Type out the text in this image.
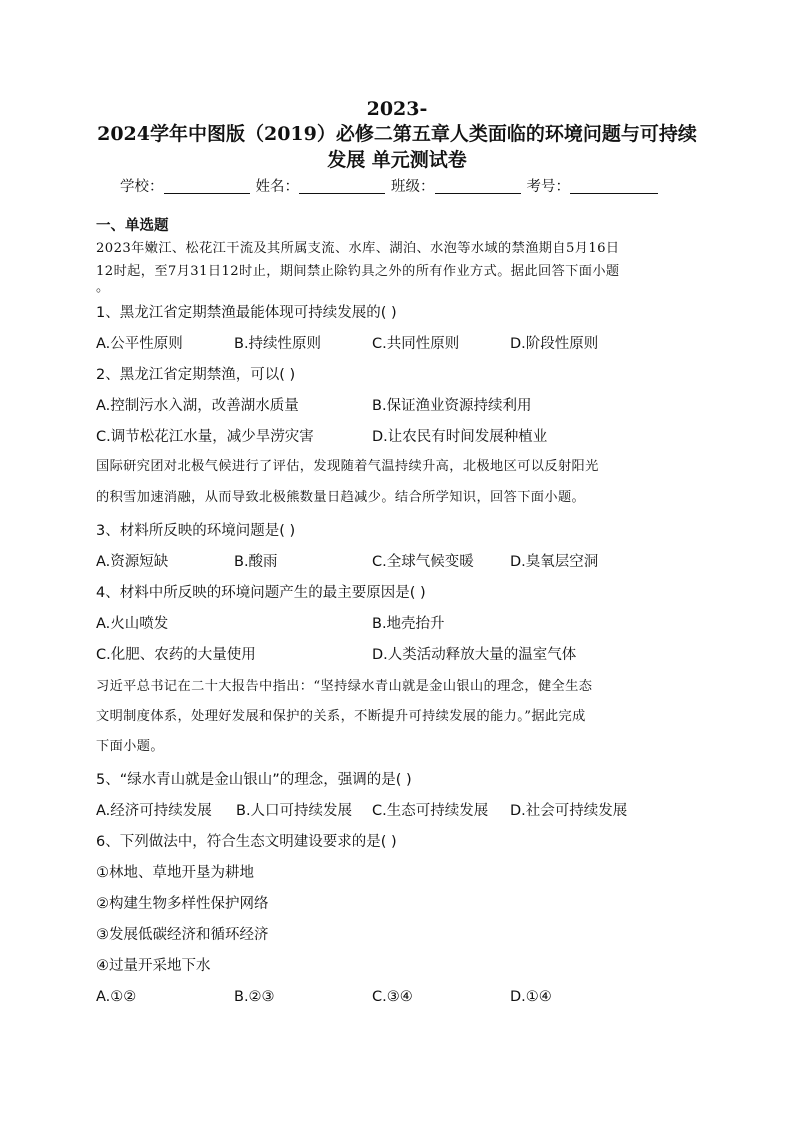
2023-
2024学年中图版（2019）必修二第五章人类面临的环境问题与可持续
发展 单元测试卷
学校：	姓名：	班级：	考号：
一、单选题
2023年嫩江、松花江干流及其所属支流、水库、湖泊、水泡等水域的禁渔期自5月16日
12时起，至7月31日12时止，期间禁止除钓具之外的所有作业方式。据此回答下面小题
。
1、黑龙江省定期禁渔最能体现可持续发展的( )
A.公平性原则	B.持续性原则	C.共同性原则	D.阶段性原则
2、黑龙江省定期禁渔，可以( )
A.控制污水入湖，改善湖水质量	B.保证渔业资源持续利用
C.调节松花江水量，减少旱涝灾害	D.让农民有时间发展种植业
国际研究团对北极气候进行了评估，发现随着气温持续升高，北极地区可以反射阳光
的积雪加速消融，从而导致北极熊数量日趋减少。结合所学知识，回答下面小题。
3、材料所反映的环境问题是( )
A.资源短缺	B.酸雨	C.全球气候变暖	D.臭氧层空洞
4、材料中所反映的环境问题产生的最主要原因是( )
A.火山喷发	B.地壳抬升
C.化肥、农药的大量使用	D.人类活动释放大量的温室气体
习近平总书记在二十大报告中指出：“坚持绿水青山就是金山银山的理念，健全生态
文明制度体系，处理好发展和保护的关系，不断提升可持续发展的能力。”据此完成
下面小题。
5、“绿水青山就是金山银山”的理念，强调的是( )
A.经济可持续发展 B.人口可持续发展 C.生态可持续发展 D.社会可持续发展
6、下列做法中，符合生态文明建设要求的是( )
①林地、草地开垦为耕地
②构建生物多样性保护网络
③发展低碳经济和循环经济
④过量开采地下水
A.①②	B.②③	C.③④	D.①④
